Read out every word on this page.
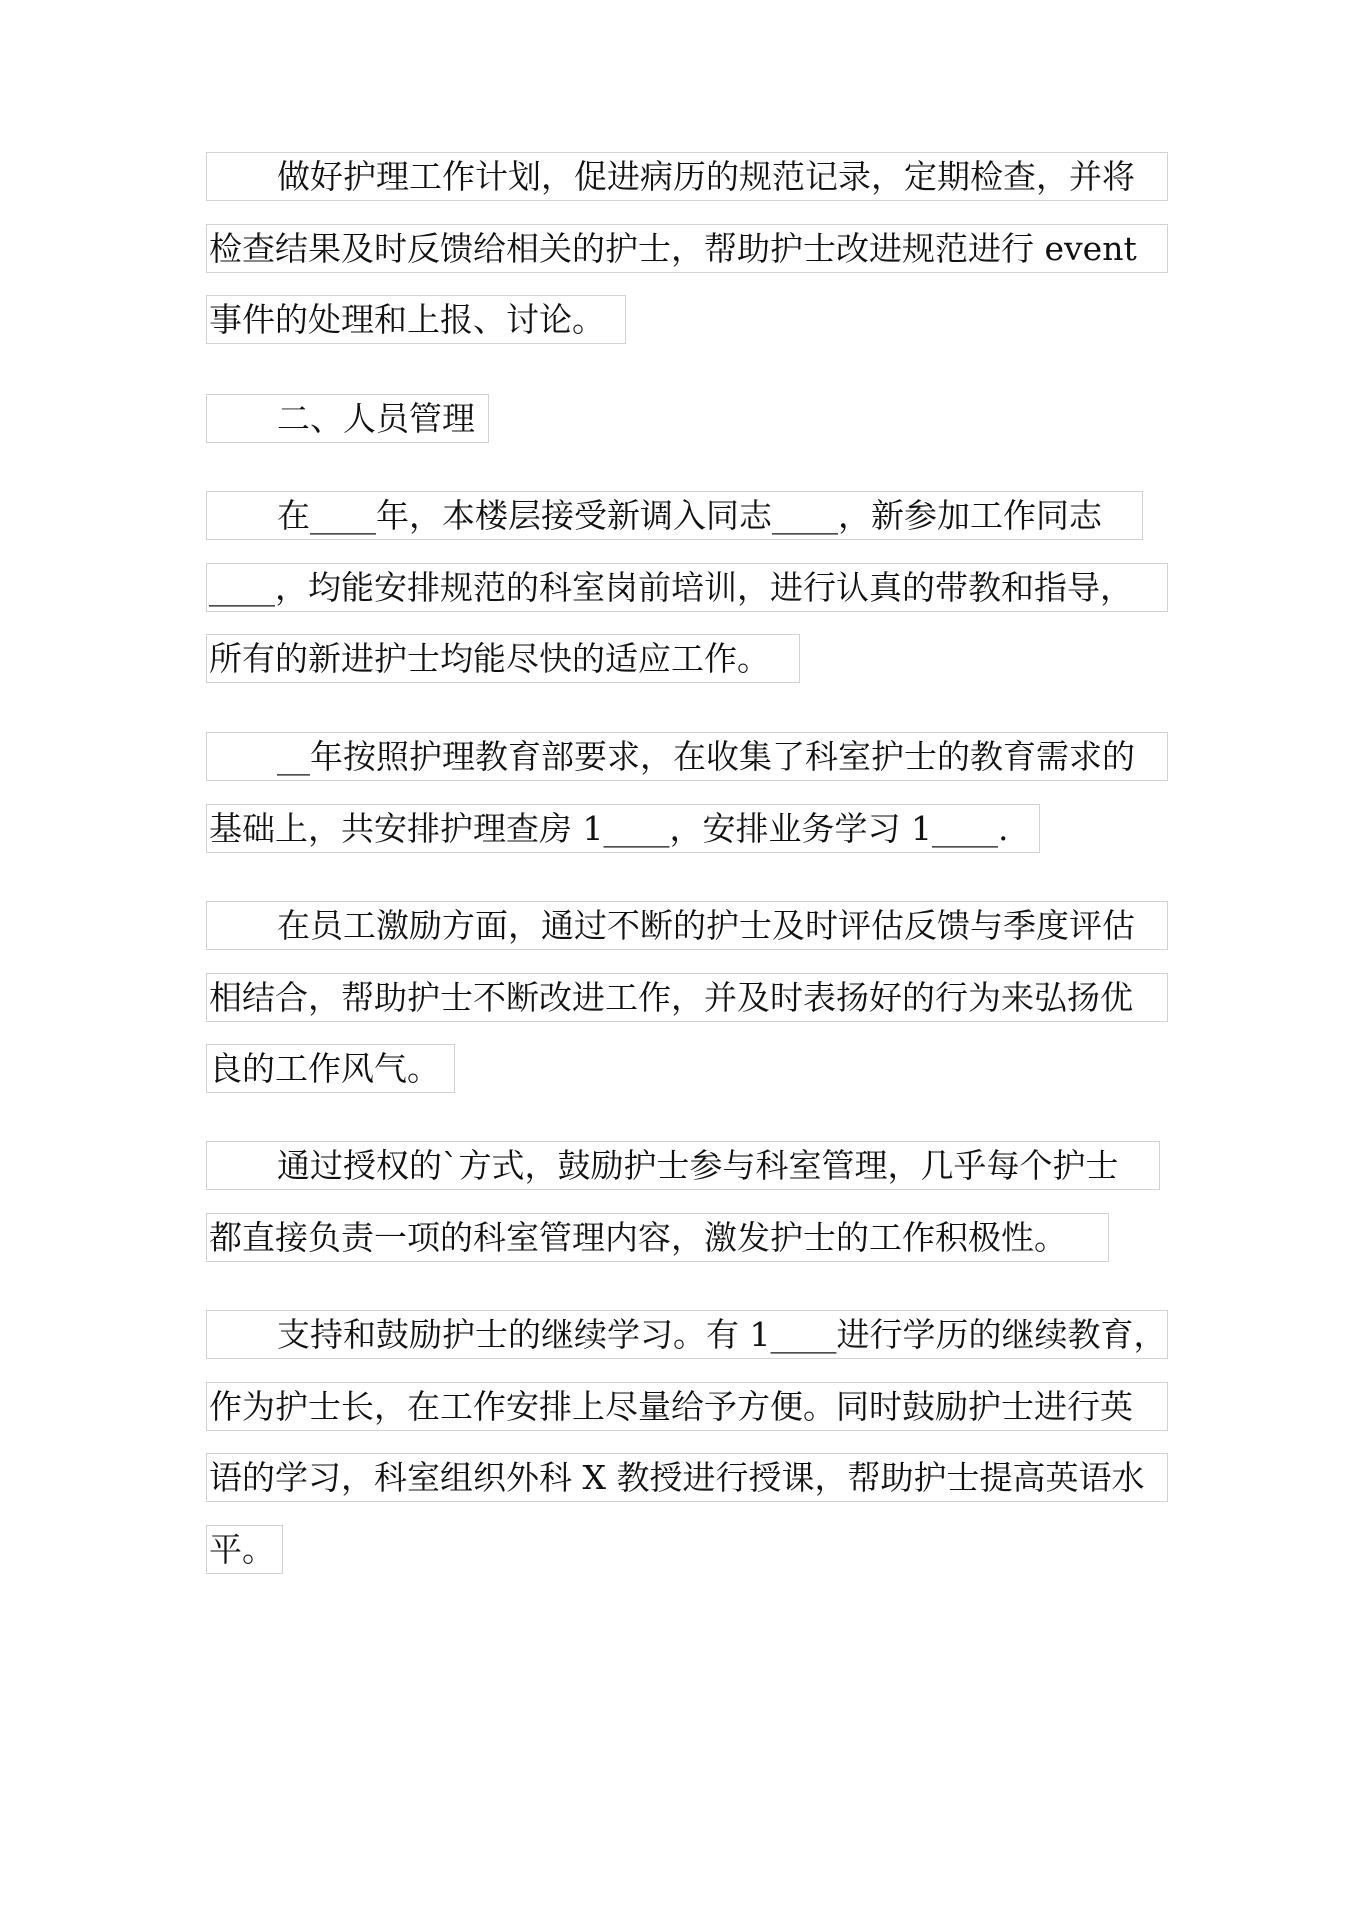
做好护理工作计划，促进病历的规范记录，定期检查，并将
检查结果及时反馈给相关的护士，帮助护士改进规范进行 event
事件的处理和上报、讨论。
二、人员管理
在____年，本楼层接受新调入同志____，新参加工作同志
____，均能安排规范的科室岗前培训，进行认真的带教和指导，
所有的新进护士均能尽快的适应工作。
__年按照护理教育部要求，在收集了科室护士的教育需求的
基础上，共安排护理查房 1____，安排业务学习 1____.
在员工激励方面，通过不断的护士及时评估反馈与季度评估
相结合，帮助护士不断改进工作，并及时表扬好的行为来弘扬优
良的工作风气。
通过授权的`方式，鼓励护士参与科室管理，几乎每个护士
都直接负责一项的科室管理内容，激发护士的工作积极性。
支持和鼓励护士的继续学习。有 1____进行学历的继续教育，
作为护士长，在工作安排上尽量给予方便。同时鼓励护士进行英
语的学习，科室组织外科 X 教授进行授课，帮助护士提高英语水
平。
